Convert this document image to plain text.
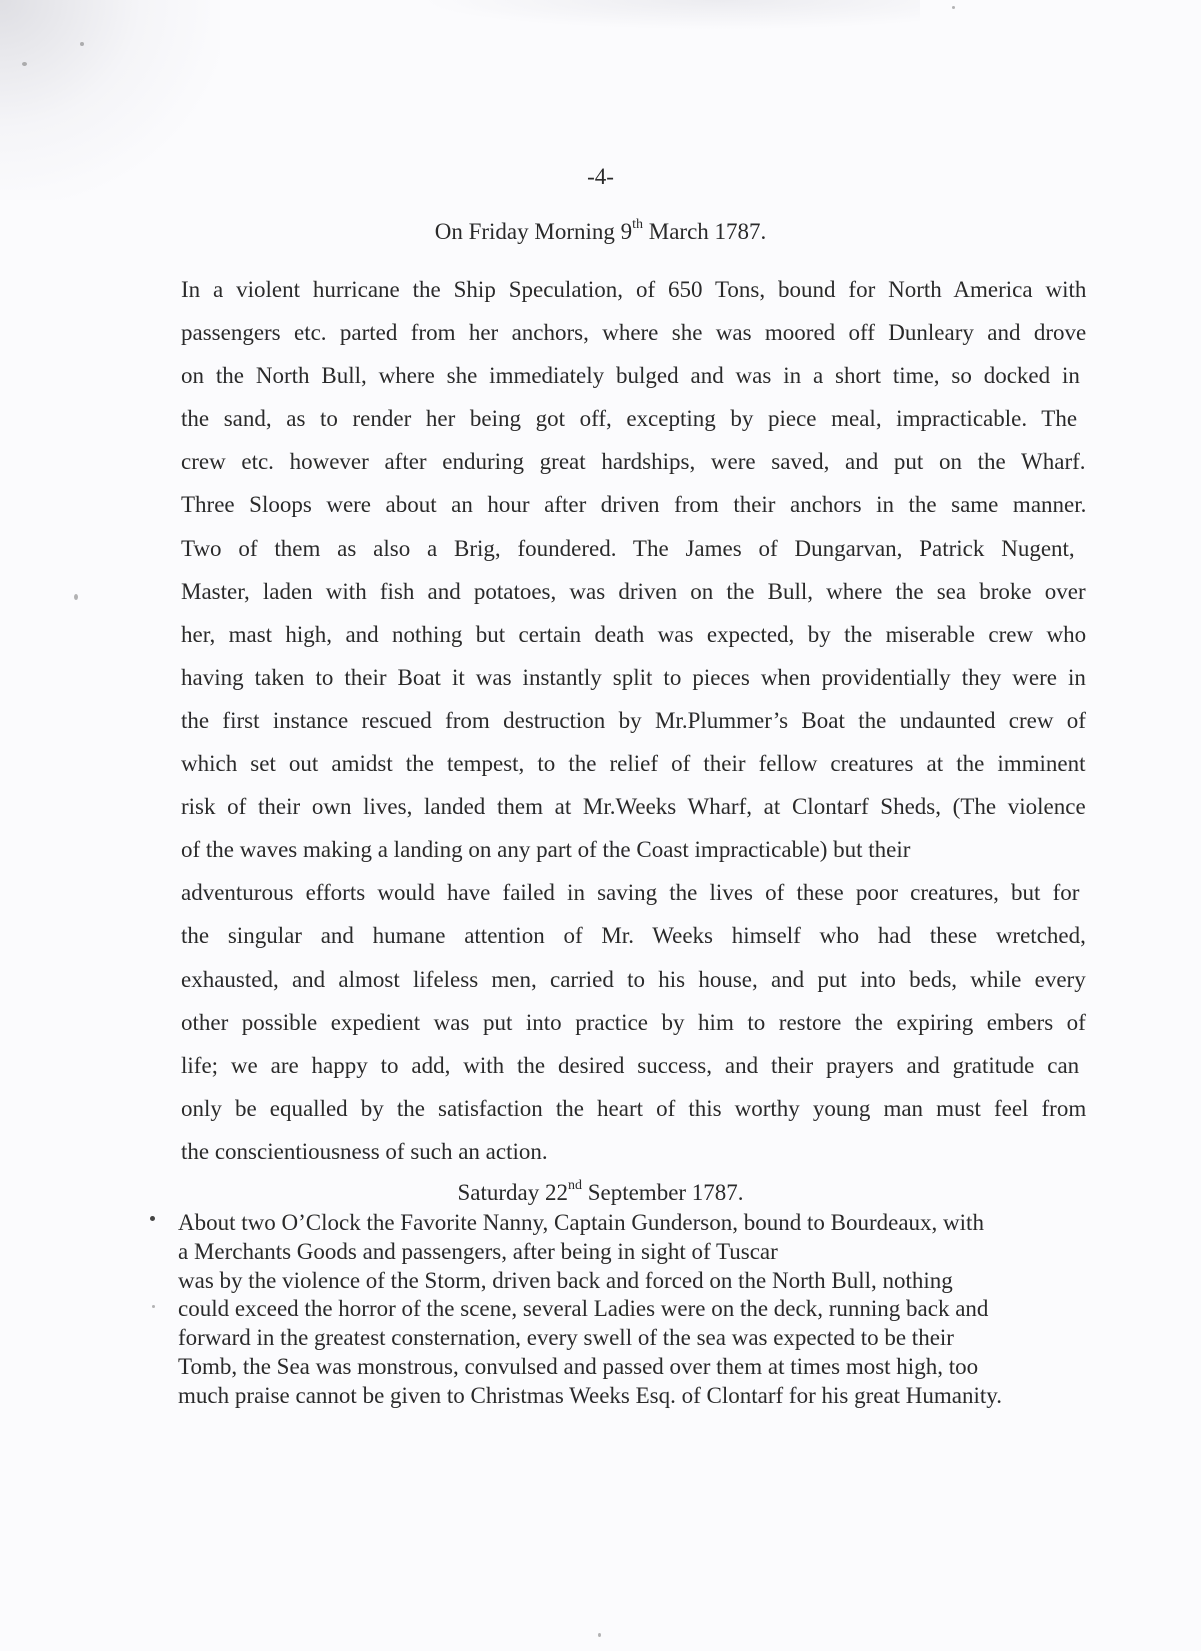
-4-
On Friday Morning 9th March 1787.
In a violent hurricane the Ship Speculation, of 650 Tons, bound for North America with
passengers etc. parted from her anchors, where she was moored off Dunleary and drove
on the North Bull, where she immediately bulged and was in a short time, so docked in
the sand, as to render her being got off, excepting by piece meal, impracticable. The
crew etc. however after enduring great hardships, were saved, and put on the Wharf.
Three Sloops were about an hour after driven from their anchors in the same manner.
Two of them as also a Brig, foundered. The James of Dungarvan, Patrick Nugent,
Master, laden with fish and potatoes, was driven on the Bull, where the sea broke over
her, mast high, and nothing but certain death was expected, by the miserable crew who
having taken to their Boat it was instantly split to pieces when providentially they were in
the first instance rescued from destruction by Mr.Plummer’s Boat the undaunted crew of
which set out amidst the tempest, to the relief of their fellow creatures at the imminent
risk of their own lives, landed them at Mr.Weeks Wharf, at Clontarf Sheds, (The violence
of the waves making a landing on any part of the Coast impracticable) but their
adventurous efforts would have failed in saving the lives of these poor creatures, but for
the singular and humane attention of Mr. Weeks himself who had these wretched,
exhausted, and almost lifeless men, carried to his house, and put into beds, while every
other possible expedient was put into practice by him to restore the expiring embers of
life; we are happy to add, with the desired success, and their prayers and gratitude can
only be equalled by the satisfaction the heart of this worthy young man must feel from
the conscientiousness of such an action.
Saturday 22nd September 1787.
About two O’Clock the Favorite Nanny, Captain Gunderson, bound to Bourdeaux, with
a Merchants Goods and passengers, after being in sight of Tuscar
was by the violence of the Storm, driven back and forced on the North Bull, nothing
could exceed the horror of the scene, several Ladies were on the deck, running back and
forward in the greatest consternation, every swell of the sea was expected to be their
Tomb, the Sea was monstrous, convulsed and passed over them at times most high, too
much praise cannot be given to Christmas Weeks Esq. of Clontarf for his great Humanity.
